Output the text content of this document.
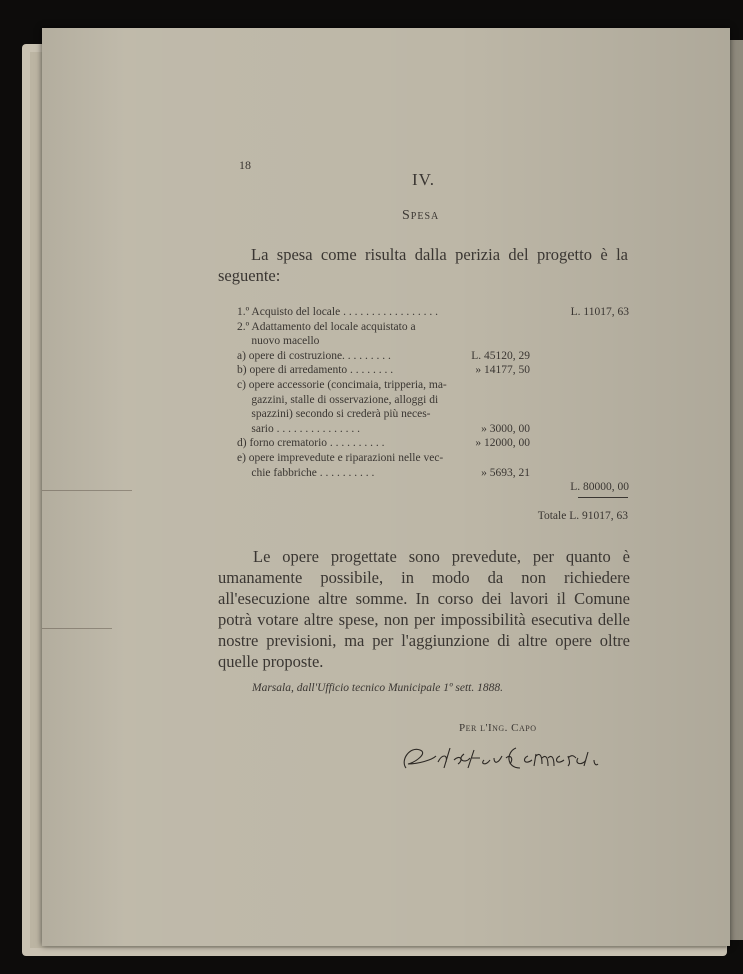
18
IV.
Spesa
La spesa come risulta dalla perizia del progetto è la seguente:
1.º Acquisto del locale . . . . . . . . . . . . . . . . .	L. 11017, 63
2.º Adattamento del locale acquistato a
nuovo macello
a) opere di costruzione. . . . . . . . .	L. 45120, 29
b) opere di arredamento . . . . . . . .	» 14177, 50
c) opere accessorie (concimaia, tripperia, ma-
gazzini, stalle di osservazione, alloggi di
spazzini) secondo si crederà più neces-
sario . . . . . . . . . . . . . . .	» 3000, 00
d) forno crematorio . . . . . . . . . .	» 12000, 00
e) opere imprevedute e riparazioni nelle vec-
chie fabbriche . . . . . . . . . .	» 5693, 21
L. 80000, 00
Totale L. 91017, 63
Le opere progettate sono prevedute, per quanto è umanamente possibile, in modo da non richiedere all'esecuzione altre somme. In corso dei lavori il Comune potrà votare altre spese, non per impossibilità esecutiva delle nostre previsioni, ma per l'aggiunzione di altre opere oltre quelle proposte.
Marsala, dall'Ufficio tecnico Municipale 1º sett. 1888.
Per l'Ing. Capo
